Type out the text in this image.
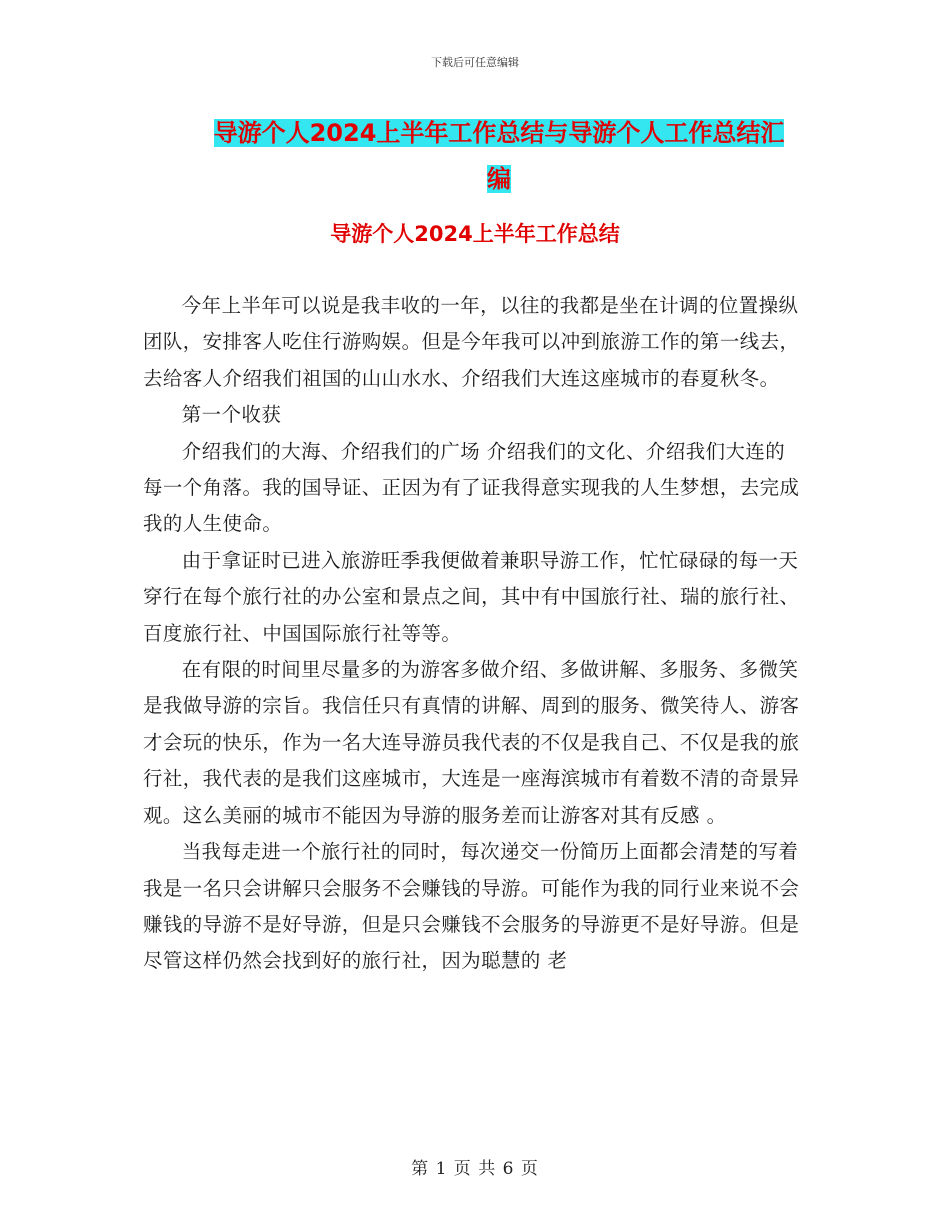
下载后可任意编辑
导游个人2024上半年工作总结与导游个人工作总结汇
编
导游个人2024上半年工作总结

今年上半年可以说是我丰收的一年，以往的我都是坐在计调的位置操纵团队，安排客人吃住行游购娱。但是今年我可以冲到旅游工作的第一线去，去给客人介绍我们祖国的山山水水、介绍我们大连这座城市的春夏秋冬。

第一个收获

介绍我们的大海、介绍我们的广场 介绍我们的文化、介绍我们大连的每一个角落。我的国导证、正因为有了证我得意实现我的人生梦想，去完成我的人生使命。

由于拿证时已进入旅游旺季我便做着兼职导游工作，忙忙碌碌的每一天穿行在每个旅行社的办公室和景点之间，其中有中国旅行社、瑞的旅行社、百度旅行社、中国国际旅行社等等。

在有限的时间里尽量多的为游客多做介绍、多做讲解、多服务、多微笑是我做导游的宗旨。我信任只有真情的讲解、周到的服务、微笑待人、游客才会玩的快乐，作为一名大连导游员我代表的不仅是我自己、不仅是我的旅行社，我代表的是我们这座城市，大连是一座海滨城市有着数不清的奇景异观。这么美丽的城市不能因为导游的服务差而让游客对其有反感 。

当我每走进一个旅行社的同时，每次递交一份简历上面都会清楚的写着我是一名只会讲解只会服务不会赚钱的导游。可能作为我的同行业来说不会赚钱的导游不是好导游，但是只会赚钱不会服务的导游更不是好导游。但是尽管这样仍然会找到好的旅行社，因为聪慧的 老

第 1 页 共 6 页
